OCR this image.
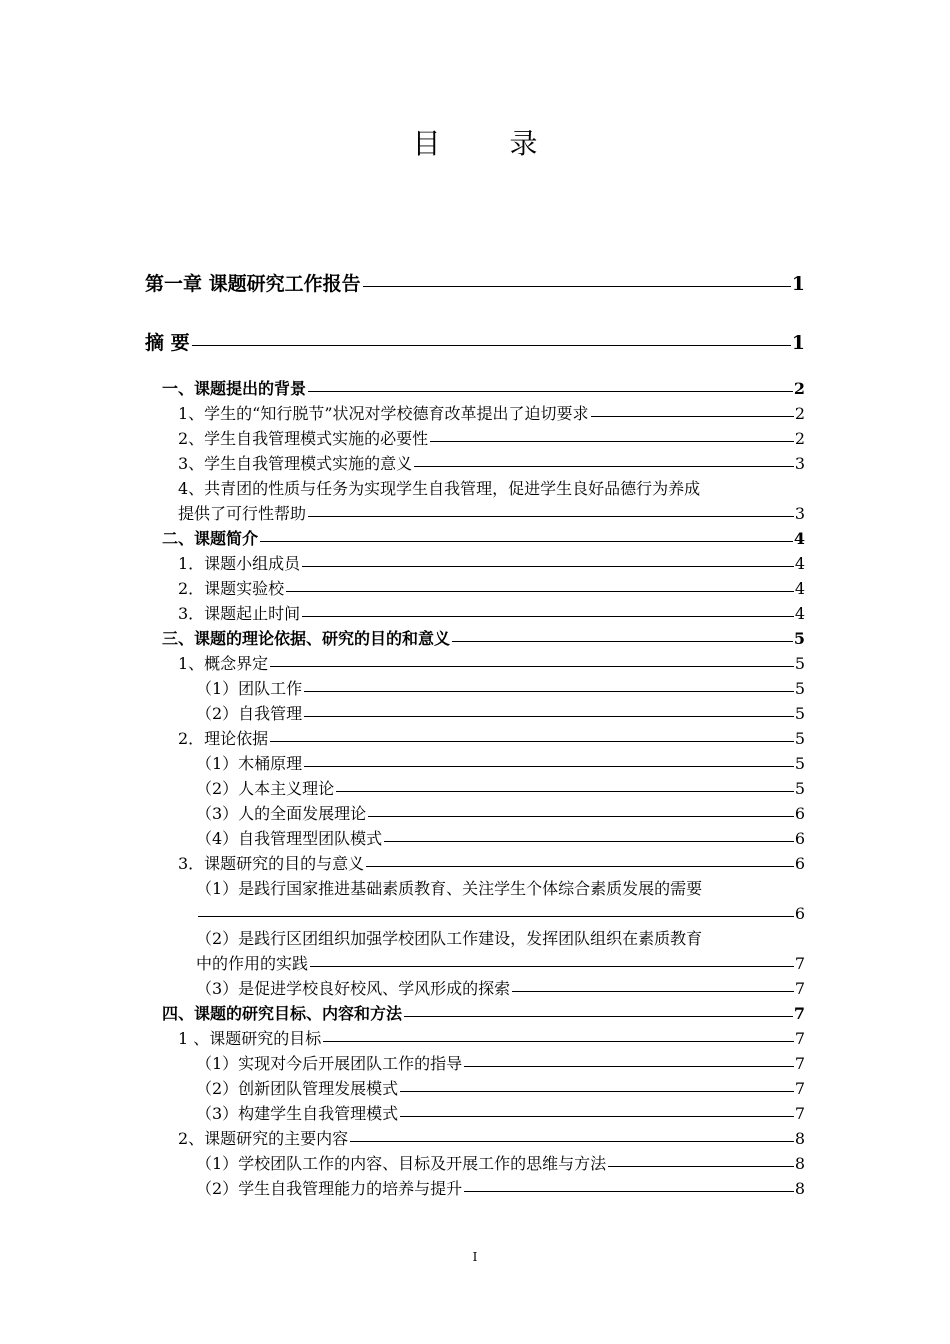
目 录
第一章 课题研究工作报告	1
摘 要	1
一、课题提出的背景	2
1、学生的“知行脱节”状况对学校德育改革提出了迫切要求	2
2、学生自我管理模式实施的必要性	2
3、学生自我管理模式实施的意义	3
4、共青团的性质与任务为实现学生自我管理，促进学生良好品德行为养成
提供了可行性帮助	3
二、课题简介	4
1．课题小组成员	4
2．课题实验校	4
3．课题起止时间	4
三、课题的理论依据、研究的目的和意义	5
1、概念界定	5
（1）团队工作	5
（2）自我管理	5
2．理论依据	5
（1）木桶原理	5
（2）人本主义理论	5
（3）人的全面发展理论	6
（4）自我管理型团队模式	6
3．课题研究的目的与意义	6
（1）是践行国家推进基础素质教育、关注学生个体综合素质发展的需要
6
（2）是践行区团组织加强学校团队工作建设，发挥团队组织在素质教育
中的作用的实践	7
（3）是促进学校良好校风、学风形成的探索	7
四、课题的研究目标、内容和方法	7
1 、课题研究的目标	7
（1）实现对今后开展团队工作的指导	7
（2）创新团队管理发展模式	7
（3）构建学生自我管理模式	7
2、课题研究的主要内容	8
（1）学校团队工作的内容、目标及开展工作的思维与方法	8
（2）学生自我管理能力的培养与提升	8
I
